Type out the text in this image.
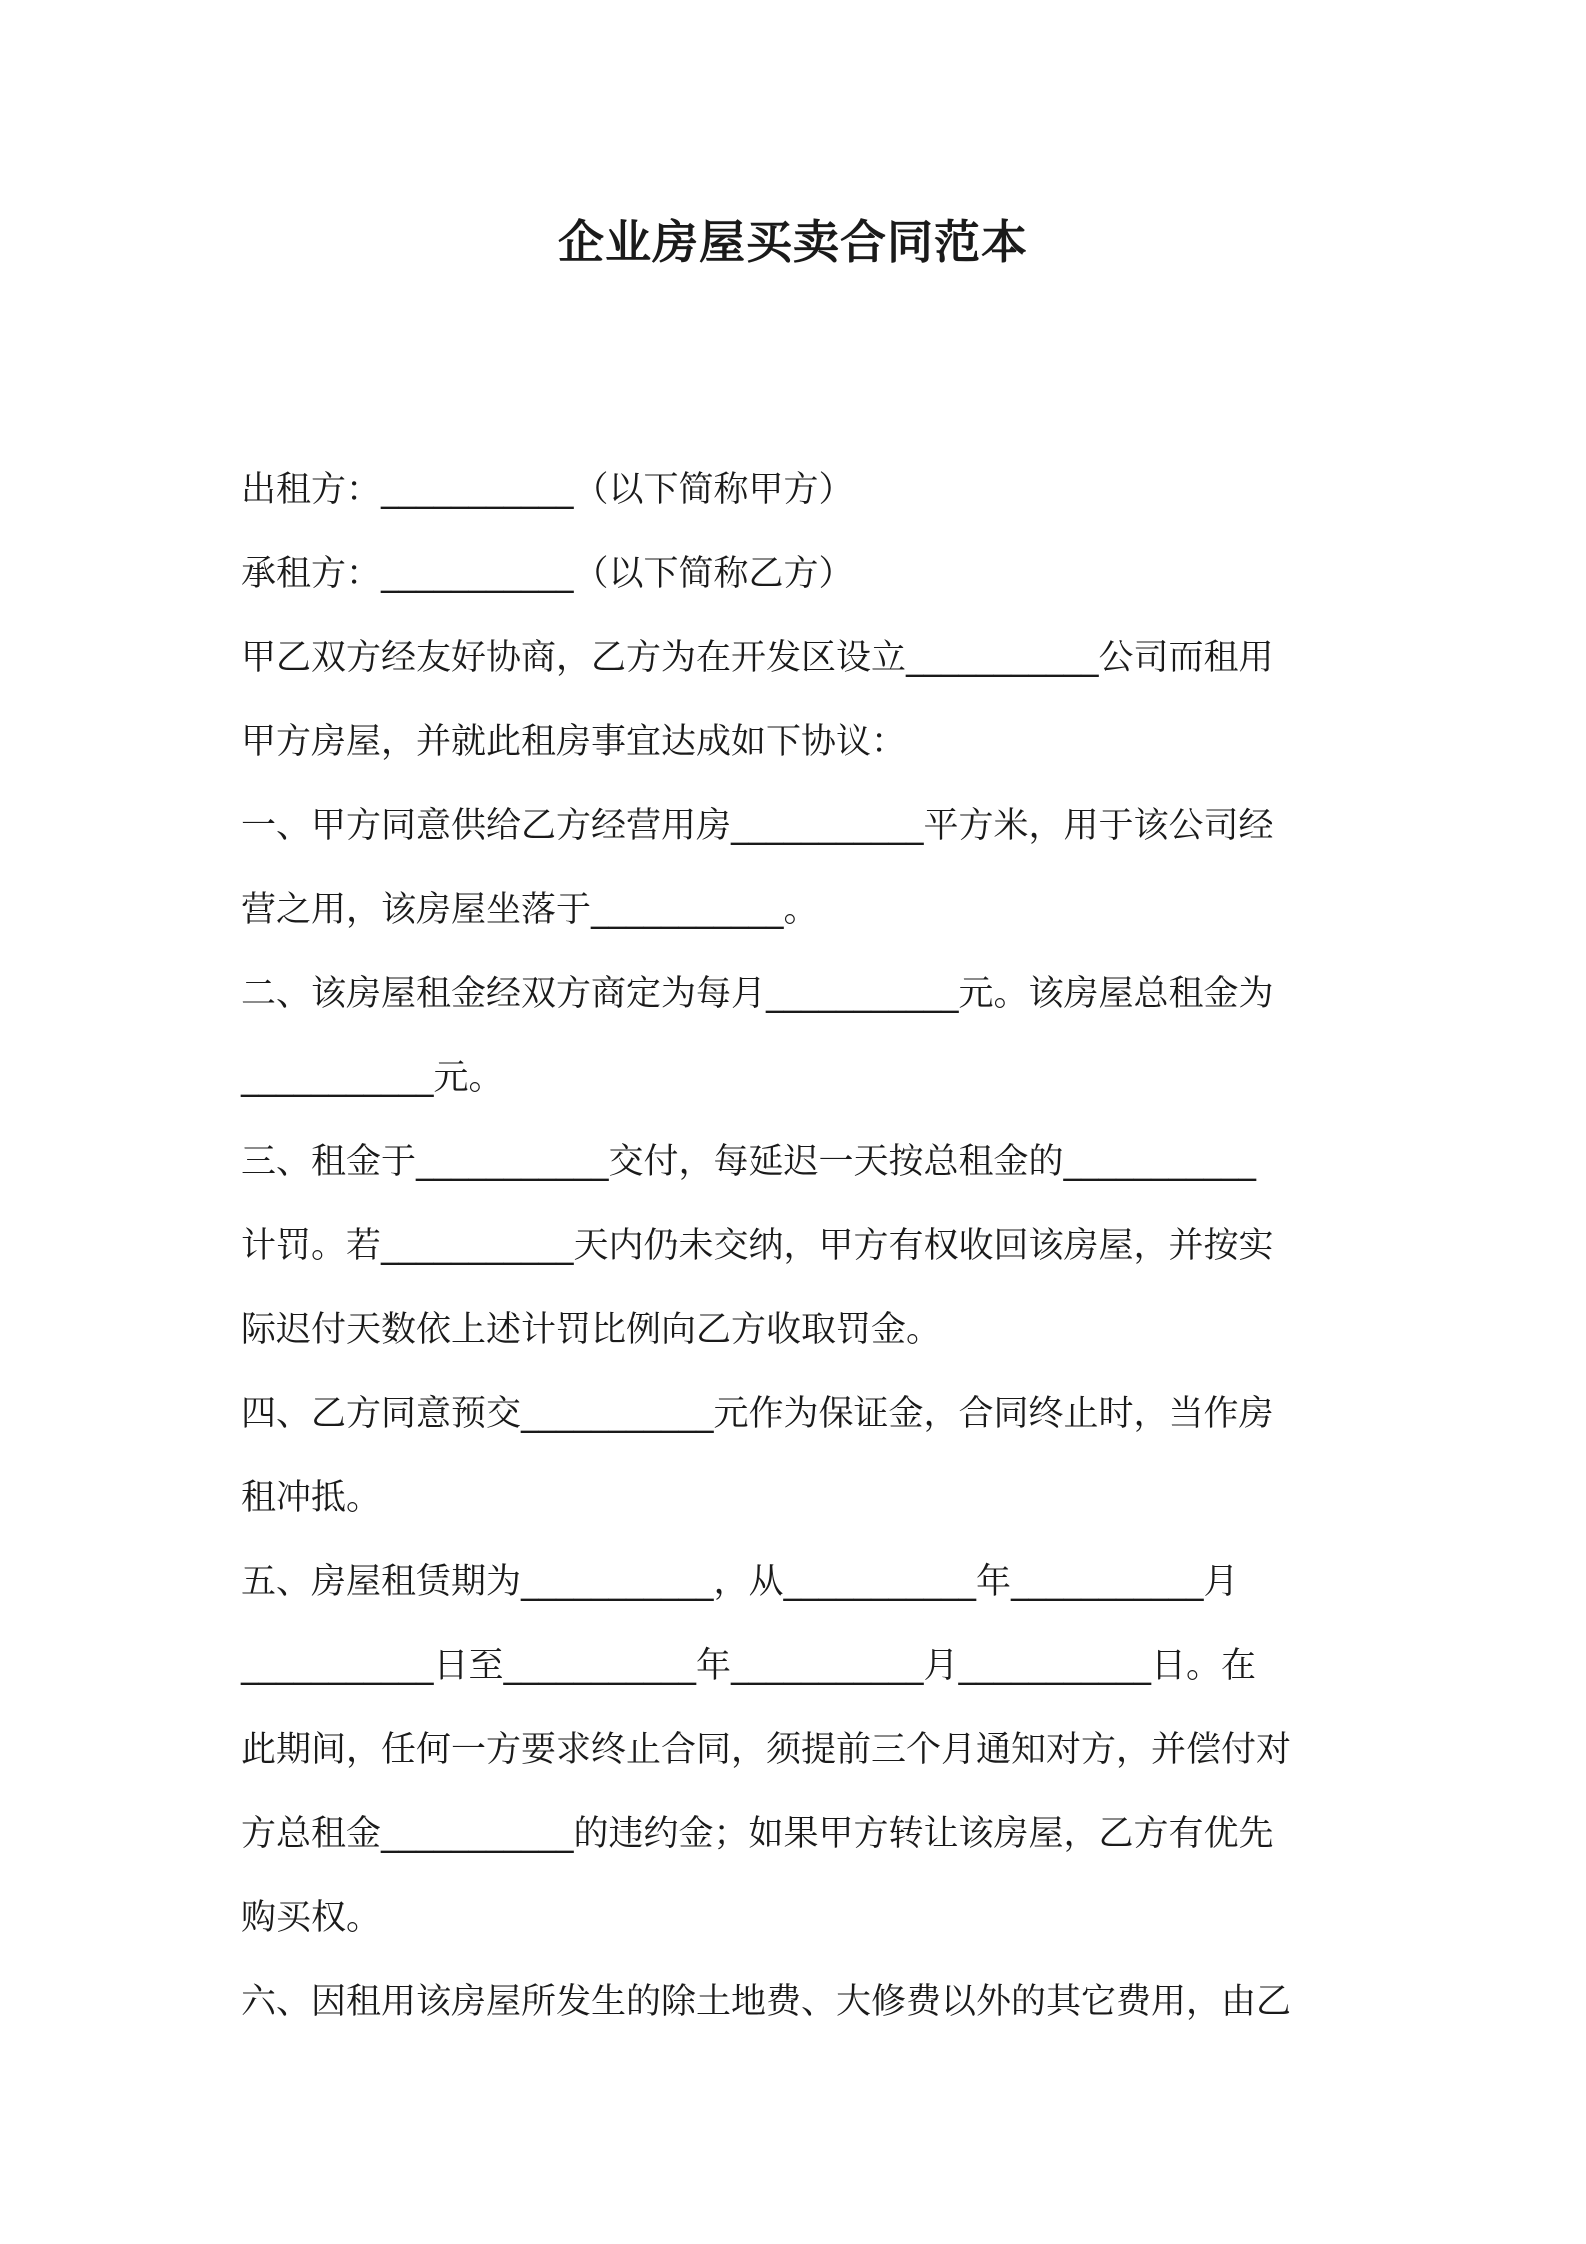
企业房屋买卖合同范本
出租方：___________（以下简称甲方）
承租方：___________（以下简称乙方）
甲乙双方经友好协商，乙方为在开发区设立___________公司而租用
甲方房屋，并就此租房事宜达成如下协议：
一、甲方同意供给乙方经营用房___________平方米，用于该公司经
营之用，该房屋坐落于___________。
二、该房屋租金经双方商定为每月___________元。该房屋总租金为
___________元。
三、租金于___________交付，每延迟一天按总租金的___________
计罚。若___________天内仍未交纳，甲方有权收回该房屋，并按实
际迟付天数依上述计罚比例向乙方收取罚金。
四、乙方同意预交___________元作为保证金，合同终止时，当作房
租冲抵。
五、房屋租赁期为___________，从___________年___________月
___________日至___________年___________月___________日。在
此期间，任何一方要求终止合同，须提前三个月通知对方，并偿付对
方总租金___________的违约金；如果甲方转让该房屋，乙方有优先
购买权。
六、因租用该房屋所发生的除土地费、大修费以外的其它费用，由乙
